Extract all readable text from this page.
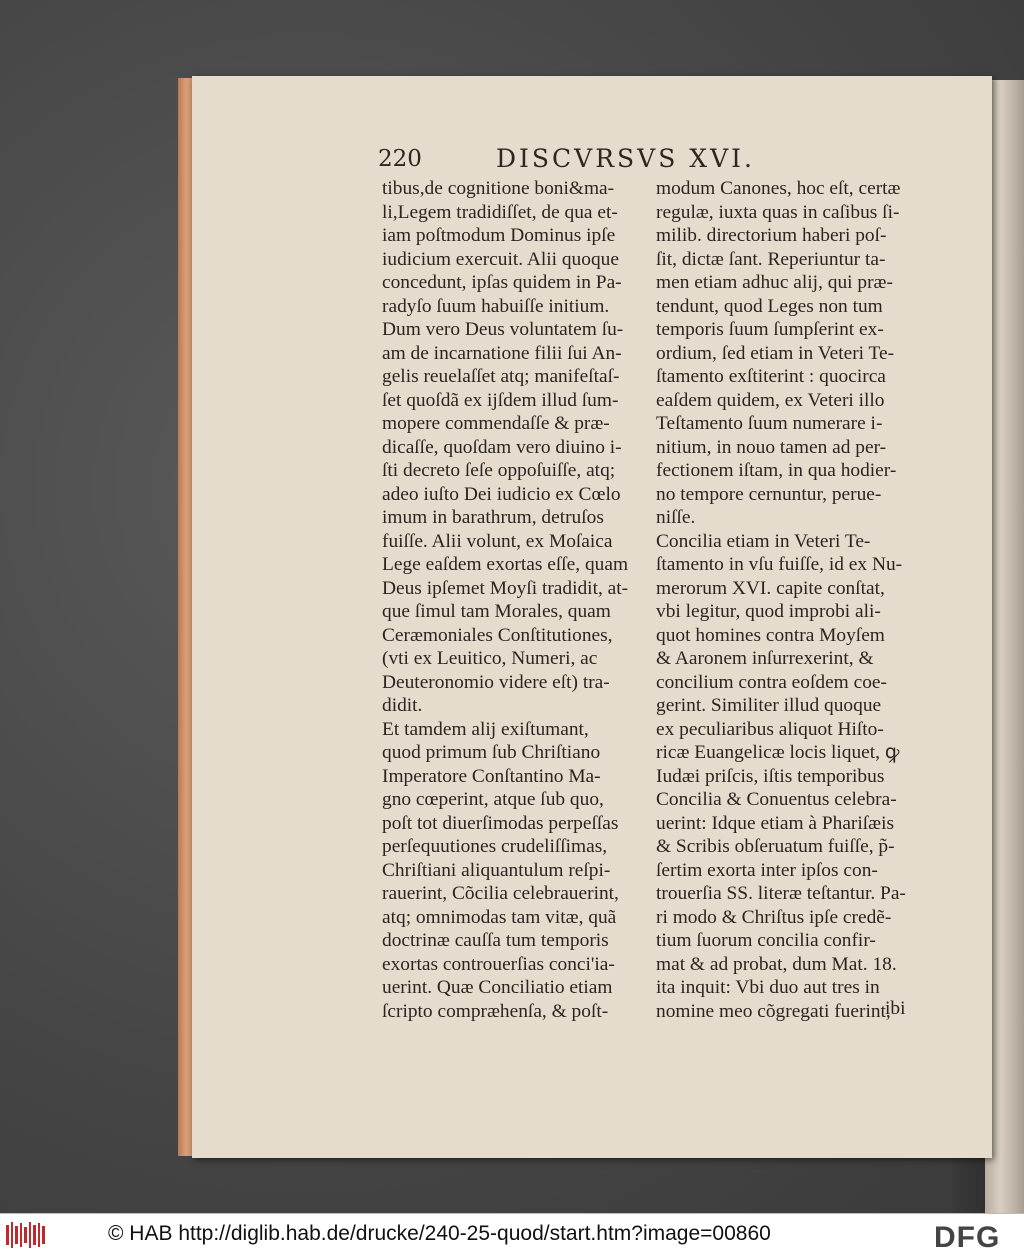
220	DISCVRSVS XVI.
tibus,de cognitione boni&ma-
li,Legem tradidiſſet, de qua et-
iam poſtmodum Dominus ipſe
iudicium exercuit. Alii quoque
concedunt, ipſas quidem in Pa-
radyſo ſuum habuiſſe initium.
Dum vero Deus voluntatem ſu-
am de incarnatione filii ſui An-
gelis reuelaſſet atq; manifeſtaſ-
ſet quoſdã ex ijſdem illud ſum-
mopere commendaſſe & præ-
dicaſſe, quoſdam vero diuino i-
ſti decreto ſeſe oppoſuiſſe, atq;
adeo iuſto Dei iudicio ex Cœlo
imum in barathrum, detruſos
fuiſſe. Alii volunt, ex Moſaica
Lege eaſdem exortas eſſe, quam
Deus ipſemet Moyſi tradidit, at-
que ſimul tam Morales, quam
Ceræmoniales Conſtitutiones,
(vti ex Leuitico, Numeri, ac
Deuteronomio videre eſt) tra-
didit.
Et tamdem alij exiſtumant,
quod primum ſub Chriſtiano
Imperatore Conſtantino Ma-
gno cœperint, atque ſub quo,
poſt tot diuerſimodas perpeſſas
perſequutiones crudeliſſimas,
Chriſtiani aliquantulum reſpi-
rauerint, Cõcilia celebrauerint,
atq; omnimodas tam vitæ, quã
doctrinæ cauſſa tum temporis
exortas controuerſias conci'ia-
uerint. Quæ Conciliatio etiam
ſcripto compræhenſa, & poſt-
modum Canones, hoc eſt, certæ
regulæ, iuxta quas in caſibus ſi-
milib. directorium haberi poſ-
ſit, dictæ ſant. Reperiuntur ta-
men etiam adhuc alij, qui præ-
tendunt, quod Leges non tum
temporis ſuum ſumpſerint ex-
ordium, ſed etiam in Veteri Te-
ſtamento exſtiterint : quocirca
eaſdem quidem, ex Veteri illo
Teſtamento ſuum numerare i-
nitium, in nouo tamen ad per-
fectionem iſtam, in qua hodier-
no tempore cernuntur, perue-
niſſe.
Concilia etiam in Veteri Te-
ſtamento in vſu fuiſſe, id ex Nu-
merorum XVI. capite conſtat,
vbi legitur, quod improbi ali-
quot homines contra Moyſem
& Aaronem inſurrexerint, &
concilium contra eoſdem coe-
gerint. Similiter illud quoque
ex peculiaribus aliquot Hiſto-
ricæ Euangelicæ locis liquet, ꝙ
Iudæi priſcis, iſtis temporibus
Concilia & Conuentus celebra-
uerint: Idque etiam à Phariſæis
& Scribis obſeruatum fuiſſe, p̃-
ſertim exorta inter ipſos con-
trouerſia SS. literæ teſtantur. Pa-
ri modo & Chriſtus ipſe credẽ-
tium ſuorum concilia confir-
mat & ad probat, dum Mat. 18.
ita inquit: Vbi duo aut tres in
nomine meo cõgregati fuerint,
ibi
© HAB http://diglib.hab.de/drucke/240-25-quod/start.htm?image=00860	DFG
